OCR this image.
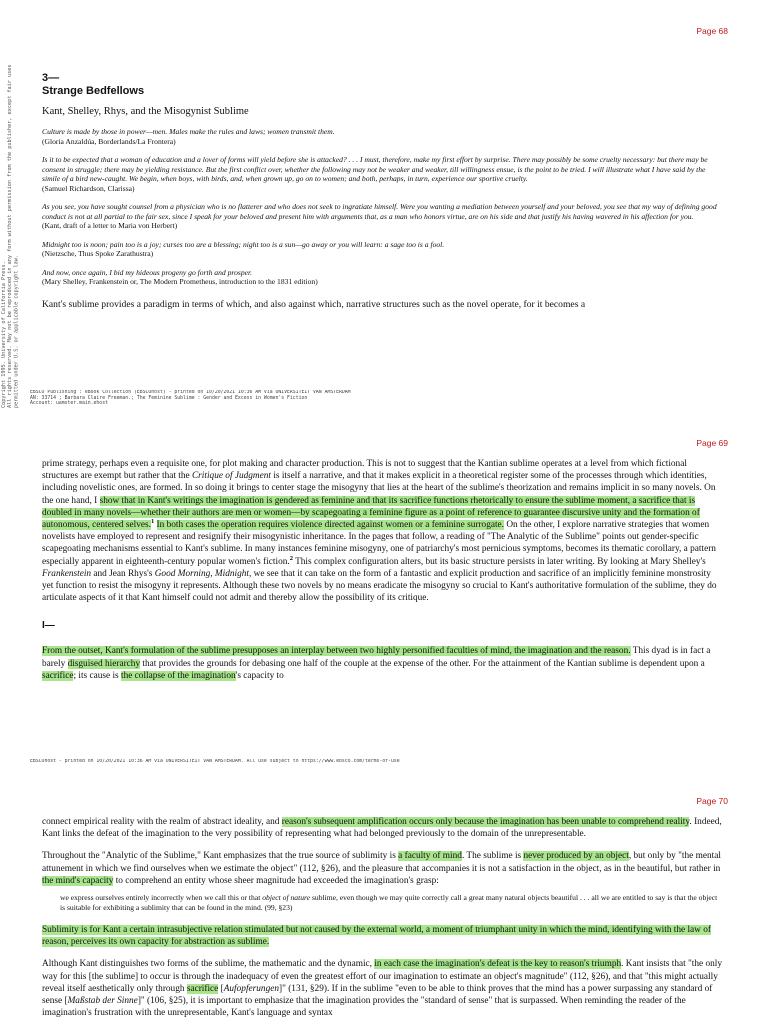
Copyright 1995. University of California Press.
All rights reserved. May not be reproduced in any form without permission from the publisher, except fair uses
permitted under U.S. or applicable copyright law.
Page 68

3—

Strange Bedfellows

Kant, Shelley, Rhys, and the Misogynist Sublime

Culture is made by those in power—men. Males make the rules and laws; women transmit them.
(Gloria Anzaldúa, Borderlands/La Frontera)
Is it to be expected that a woman of education and a lover of forms will yield before she is attacked? . . . I must, therefore, make my first effort by surprise. There may possibly be some cruelty necessary: but there may be consent in struggle; there may be yielding resistance. But the first conflict over, whether the following may not be weaker and weaker, till willingness ensue, is the point to be tried. I will illustrate what I have said by the simile of a bird new-caught. We begin, when boys, with birds, and, when grown up, go on to women; and both, perhaps, in turn, experience our sportive cruelty.
(Samuel Richardson, Clarissa)
As you see, you have sought counsel from a physician who is no flatterer and who does not seek to ingratiate himself. Were you wanting a mediation between yourself and your beloved, you see that my way of defining good conduct is not at all partial to the fair sex, since I speak for your beloved and present him with arguments that, as a man who honors virtue, are on his side and that justify his having wavered in his affection for you.
(Kant, draft of a letter to Maria von Herbert)
Midnight too is noon; pain too is a joy; curses too are a blessing; night too is a sun—go away or you will learn: a sage too is a fool.
(Nietzsche, Thus Spoke Zarathustra)
And now, once again, I bid my hideous progeny go forth and prosper.
(Mary Shelley, Frankenstein or, The Modern Prometheus, introduction to the 1831 edition)

Kant's sublime provides a paradigm in terms of which, and also against which, narrative structures such as the novel operate, for it becomes a

EBSCO Publishing : eBook Collection (EBSCOhost) - printed on 10/20/2021 10:36 AM via UNIVERSITEIT VAN AMSTERDAM
AN: 33714 ; Barbara Claire Freeman.; The Feminine Sublime : Gender and Excess in Women's Fiction
Account: uamster.main.ehost
Page 69

prime strategy, perhaps even a requisite one, for plot making and character production. This is not to suggest that the Kantian sublime operates at a level from which fictional structures are exempt but rather that the Critique of Judgment is itself a narrative, and that it makes explicit in a theoretical register some of the processes through which identities, including novelistic ones, are formed. In so doing it brings to center stage the misogyny that lies at the heart of the sublime's theorization and remains implicit in so many novels. On the one hand, I show that in Kant's writings the imagination is gendered as feminine and that its sacrifice functions rhetorically to ensure the sublime moment, a sacrifice that is doubled in many novels—whether their authors are men or women—by scapegoating a feminine figure as a point of reference to guarantee discursive unity and the formation of autonomous, centered selves.$^1$ In both cases the operation requires violence directed against women or a feminine surrogate. On the other, I explore narrative strategies that women novelists have employed to represent and resignify their misogynistic inheritance. In the pages that follow, a reading of "The Analytic of the Sublime" points out gender-specific scapegoating mechanisms essential to Kant's sublime. In many instances feminine misogyny, one of patriarchy's most pernicious symptoms, becomes its thematic corollary, a pattern especially apparent in eighteenth-century popular women's fiction.$^2$ This complex configuration alters, but its basic structure persists in later writing. By looking at Mary Shelley's Frankenstein and Jean Rhys's Good Morning, Midnight, we see that it can take on the form of a fantastic and explicit production and sacrifice of an implicitly feminine monstrosity yet function to resist the misogyny it represents. Although these two novels by no means eradicate the misogyny so crucial to Kant's authoritative formulation of the sublime, they do articulate aspects of it that Kant himself could not admit and thereby allow the possibility of its critique.

I—

From the outset, Kant's formulation of the sublime presupposes an interplay between two highly personified faculties of mind, the imagination and the reason. This dyad is in fact a barely disguised hierarchy that provides the grounds for debasing one half of the couple at the expense of the other. For the attainment of the Kantian sublime is dependent upon a sacrifice; its cause is the collapse of the imagination's capacity to

EBSCOhost - printed on 10/20/2021 10:36 AM via UNIVERSITEIT VAN AMSTERDAM. All use subject to https://www.ebsco.com/terms-of-use
Page 70

connect empirical reality with the realm of abstract ideality, and reason's subsequent amplification occurs only because the imagination has been unable to comprehend reality. Indeed, Kant links the defeat of the imagination to the very possibility of representing what had belonged previously to the domain of the unrepresentable.

Throughout the "Analytic of the Sublime," Kant emphasizes that the true source of sublimity is a faculty of mind. The sublime is never produced by an object, but only by "the mental attunement in which we find ourselves when we estimate the object" (112, §26), and the pleasure that accompanies it is not a satisfaction in the object, as in the beautiful, but rather in the mind's capacity to comprehend an entity whose sheer magnitude had exceeded the imagination's grasp:

we express ourselves entirely incorrectly when we call this or that object of nature sublime, even though we may quite correctly call a great many natural objects beautiful . . . all we are entitled to say is that the object is suitable for exhibiting a sublimity that can be found in the mind. (99, §23)

Sublimity is for Kant a certain intrasubjective relation stimulated but not caused by the external world, a moment of triumphant unity in which the mind, identifying with the law of reason, perceives its own capacity for abstraction as sublime.

Although Kant distinguishes two forms of the sublime, the mathematic and the dynamic, in each case the imagination's defeat is the key to reason's triumph. Kant insists that "the only way for this [the sublime] to occur is through the inadequacy of even the greatest effort of our imagination to estimate an object's magnitude" (112, §26), and that "this might actually reveal itself aesthetically only through sacrifice [Aufopferungen]" (131, §29). If in the sublime "even to be able to think proves that the mind has a power surpassing any standard of sense [Maßstab der Sinne]" (106, §25), it is important to emphasize that the imagination provides the "standard of sense" that is surpassed. When reminding the reader of the imagination's frustration with the unrepresentable, Kant's language and syntax
